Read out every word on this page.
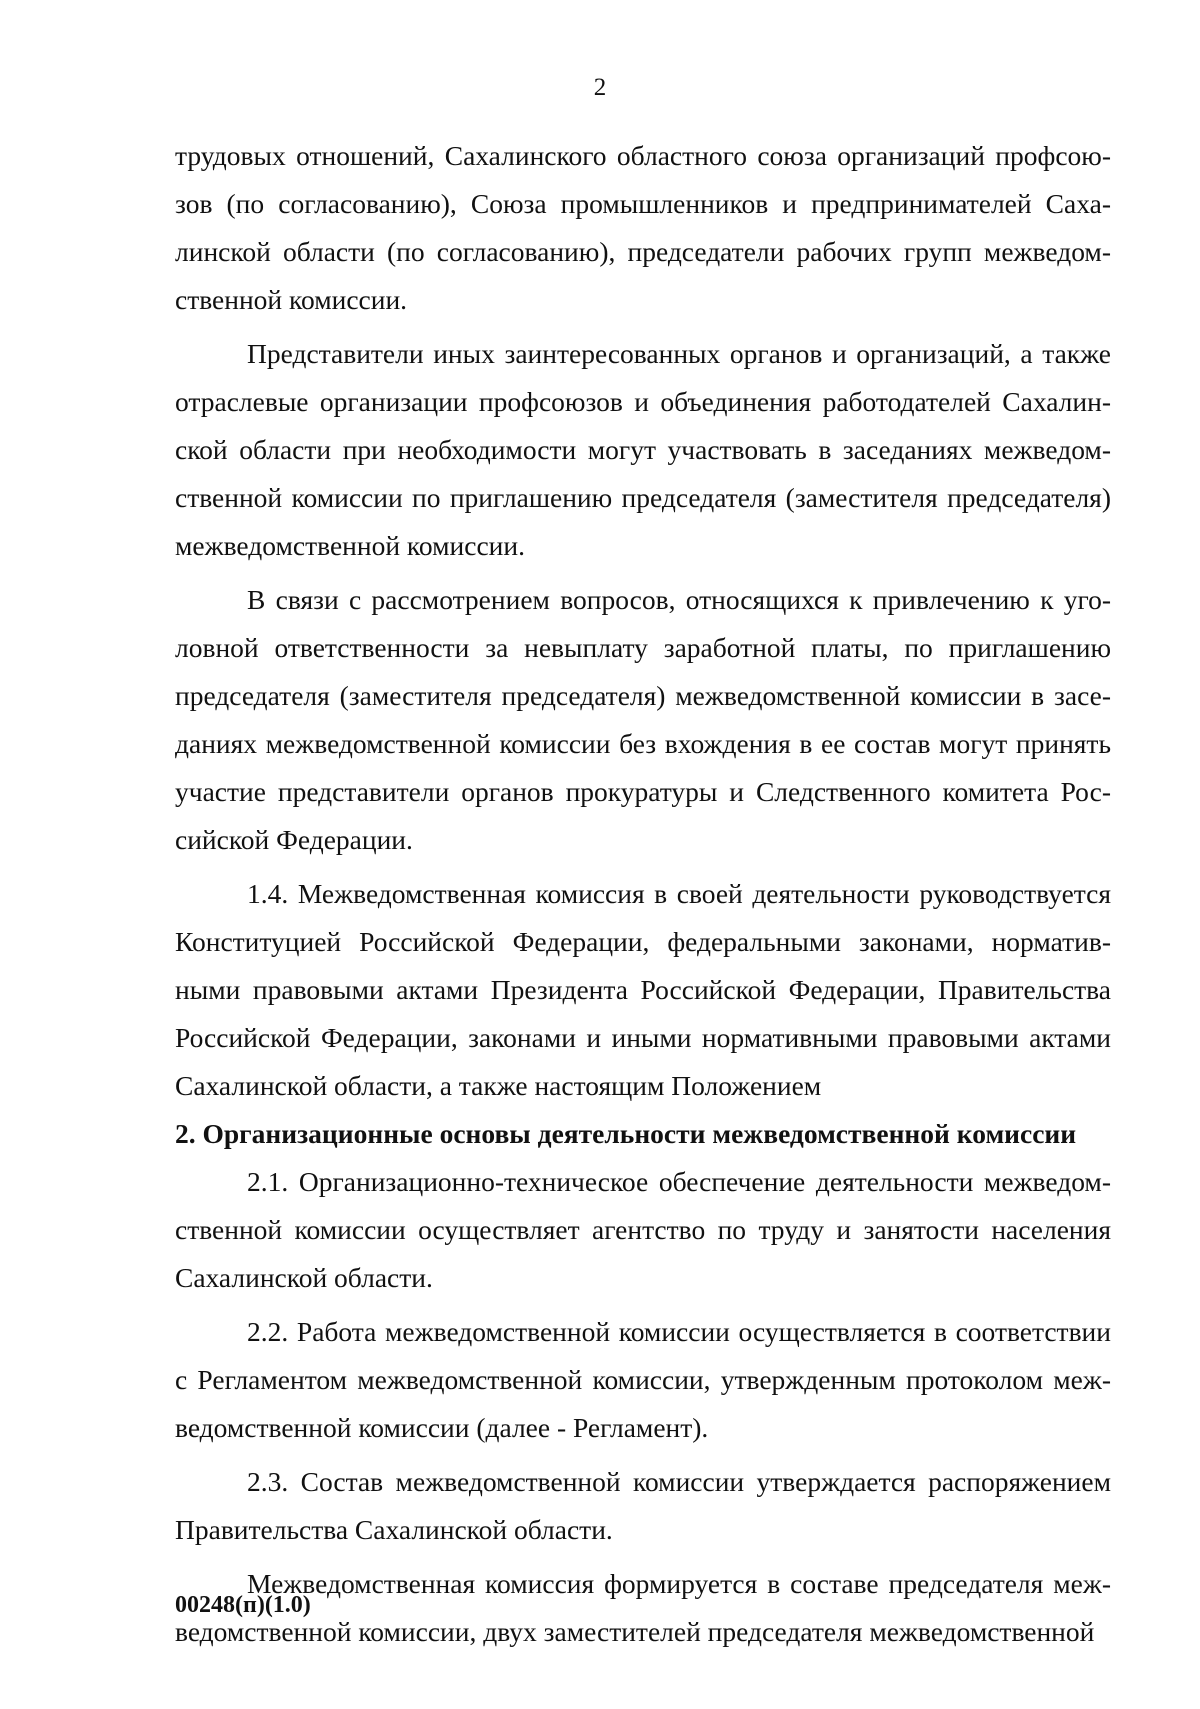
2

трудовых отношений, Сахалинского областного союза организаций профсоюзов (по согласованию), Союза промышленников и предпринимателей Сахалинской области (по согласованию), председатели рабочих групп межведомственной комиссии.

Представители иных заинтересованных органов и организаций, а также отраслевые организации профсоюзов и объединения работодателей Сахалинской области при необходимости могут участвовать в заседаниях межведомственной комиссии по приглашению председателя (заместителя председателя) межведомственной комиссии.

В связи с рассмотрением вопросов, относящихся к привлечению к уголовной ответственности за невыплату заработной платы, по приглашению председателя (заместителя председателя) межведомственной комиссии в заседаниях межведомственной комиссии без вхождения в ее состав могут принять участие представители органов прокуратуры и Следственного комитета Российской Федерации.

1.4. Межведомственная комиссия в своей деятельности руководствуется Конституцией Российской Федерации, федеральными законами, нормативными правовыми актами Президента Российской Федерации, Правительства Российской Федерации, законами и иными нормативными правовыми актами Сахалинской области, а также настоящим Положением

2. Организационные основы деятельности межведомственной комиссии

2.1. Организационно-техническое обеспечение деятельности межведомственной комиссии осуществляет агентство по труду и занятости населения Сахалинской области.

2.2. Работа межведомственной комиссии осуществляется в соответствии с Регламентом межведомственной комиссии, утвержденным протоколом межведомственной комиссии (далее - Регламент).

2.3. Состав межведомственной комиссии утверждается распоряжением Правительства Сахалинской области.

Межведомственная комиссия формируется в составе председателя межведомственной комиссии, двух заместителей председателя межведомственной

00248(п)(1.0)
